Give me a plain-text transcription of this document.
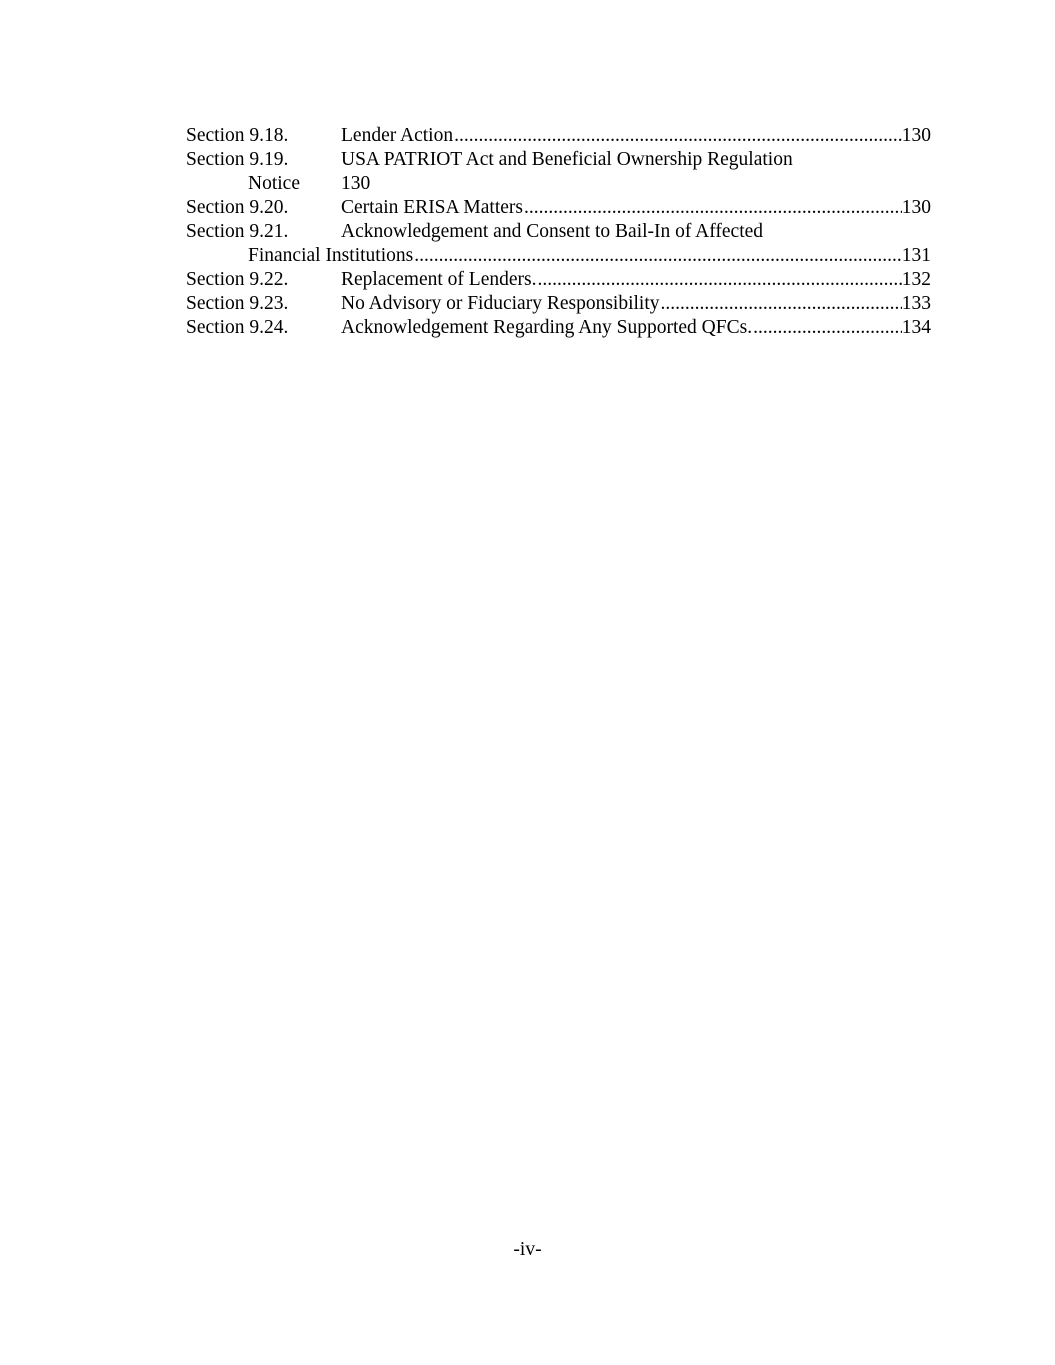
Section 9.18.	Lender Action .....	130
Section 9.19.	USA PATRIOT Act and Beneficial Ownership Regulation
Notice 130
Section 9.20.	Certain ERISA Matters .....	130
Section 9.21.	Acknowledgement and Consent to Bail-In of Affected
Financial Institutions .....	131
Section 9.22.	Replacement of Lenders. .....	132
Section 9.23.	No Advisory or Fiduciary Responsibility .....	133
Section 9.24.	Acknowledgement Regarding Any Supported QFCs. .....	134
-iv-
